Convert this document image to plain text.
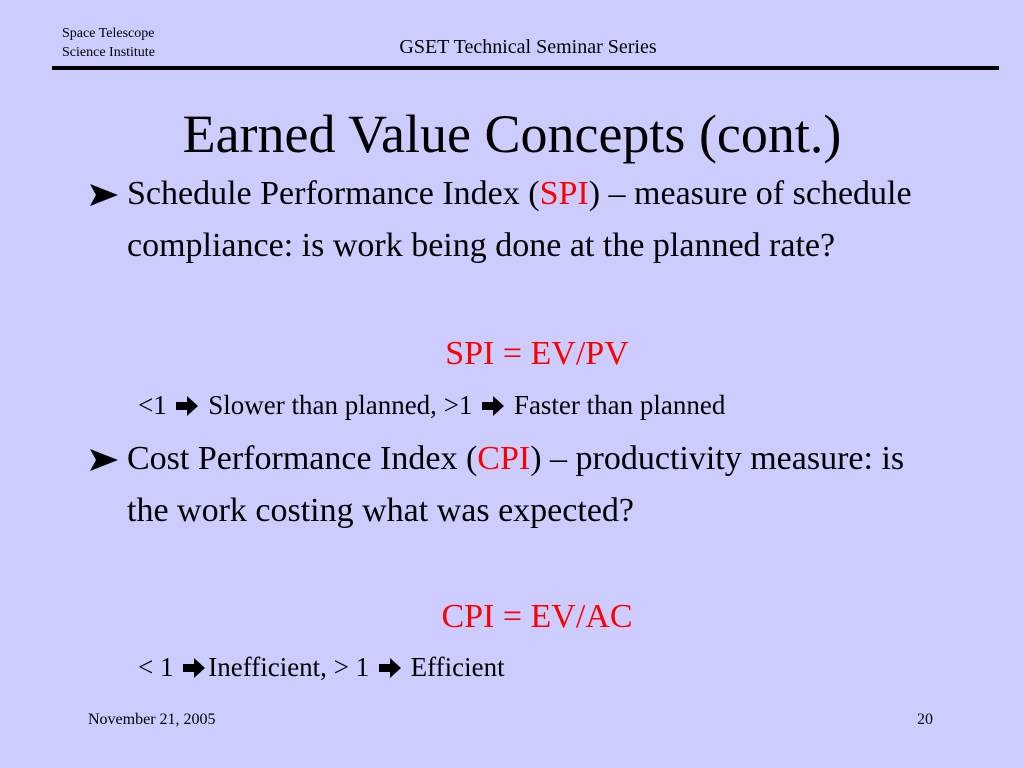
Space Telescope
Science Institute	GSET Technical Seminar Series
Earned Value Concepts (cont.)
Schedule Performance Index (SPI) – measure of schedule compliance: is work being done at the planned rate?
SPI = EV/PV
<1 Slower than planned, >1 Faster than planned
Cost Performance Index (CPI) – productivity measure: is the work costing what was expected?
CPI = EV/AC
< 1 Inefficient, > 1 Efficient
November 21, 2005	20
